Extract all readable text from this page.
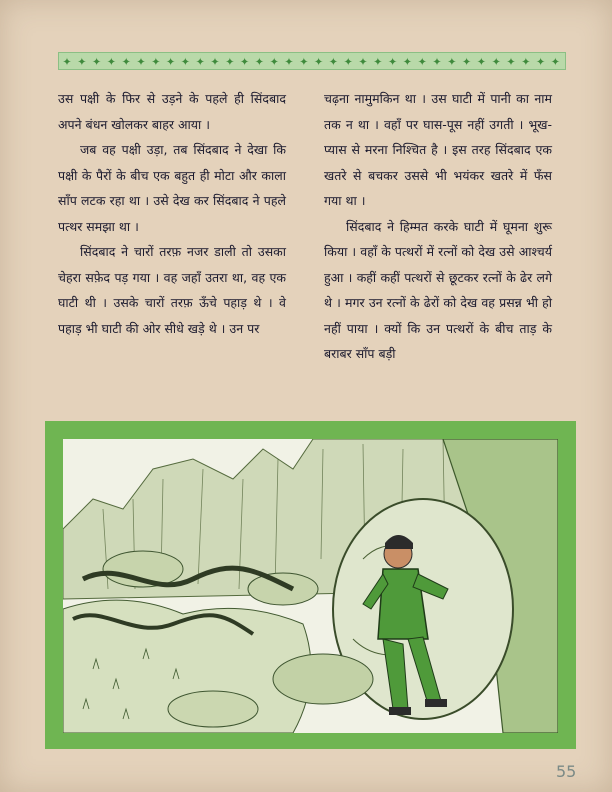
✦ ✦ ✦ ✦ ✦ ✦ ✦ ✦ ✦ ✦ ✦ ✦ ✦ ✦ ✦ ✦ ✦ ✦ ✦ ✦ ✦ ✦ ✦ ✦ ✦ ✦ ✦ ✦ ✦ ✦ ✦ ✦ ✦ ✦

उस पक्षी के फिर से उड़ने के पहले ही सिंदबाद अपने बंधन खोलकर बाहर आया ।

जब वह पक्षी उड़ा, तब सिंदबाद ने देखा कि पक्षी के पैरों के बीच एक बहुत ही मोटा और काला साँप लटक रहा था । उसे देख कर सिंदबाद ने पहले पत्थर समझा था ।

सिंदबाद ने चारों तरफ़ नजर डाली तो उसका चेहरा सफ़ेद पड़ गया । वह जहाँ उतरा था, वह एक घाटी थी । उसके चारों तरफ़ ऊँचे पहाड़ थे । वे पहाड़ भी घाटी की ओर सीधे खड़े थे । उन पर

चढ़ना नामुमकिन था । उस घाटी में पानी का नाम तक न था । वहाँ पर घास-पूस नहीं उगती । भूख-प्यास से मरना निश्चित है । इस तरह सिंदबाद एक खतरे से बचकर उससे भी भयंकर खतरे में फँस गया था ।

सिंदबाद ने हिम्मत करके घाटी में घूमना शुरू किया । वहाँ के पत्थरों में रत्नों को देख उसे आश्चर्य हुआ । कहीं कहीं पत्थरों से छूटकर रत्नों के ढेर लगे थे । मगर उन रत्नों के ढेरों को देख वह प्रसन्न भी हो नहीं पाया । क्यों कि उन पत्थरों के बीच ताड़ के बराबर साँप बड़ी

55
